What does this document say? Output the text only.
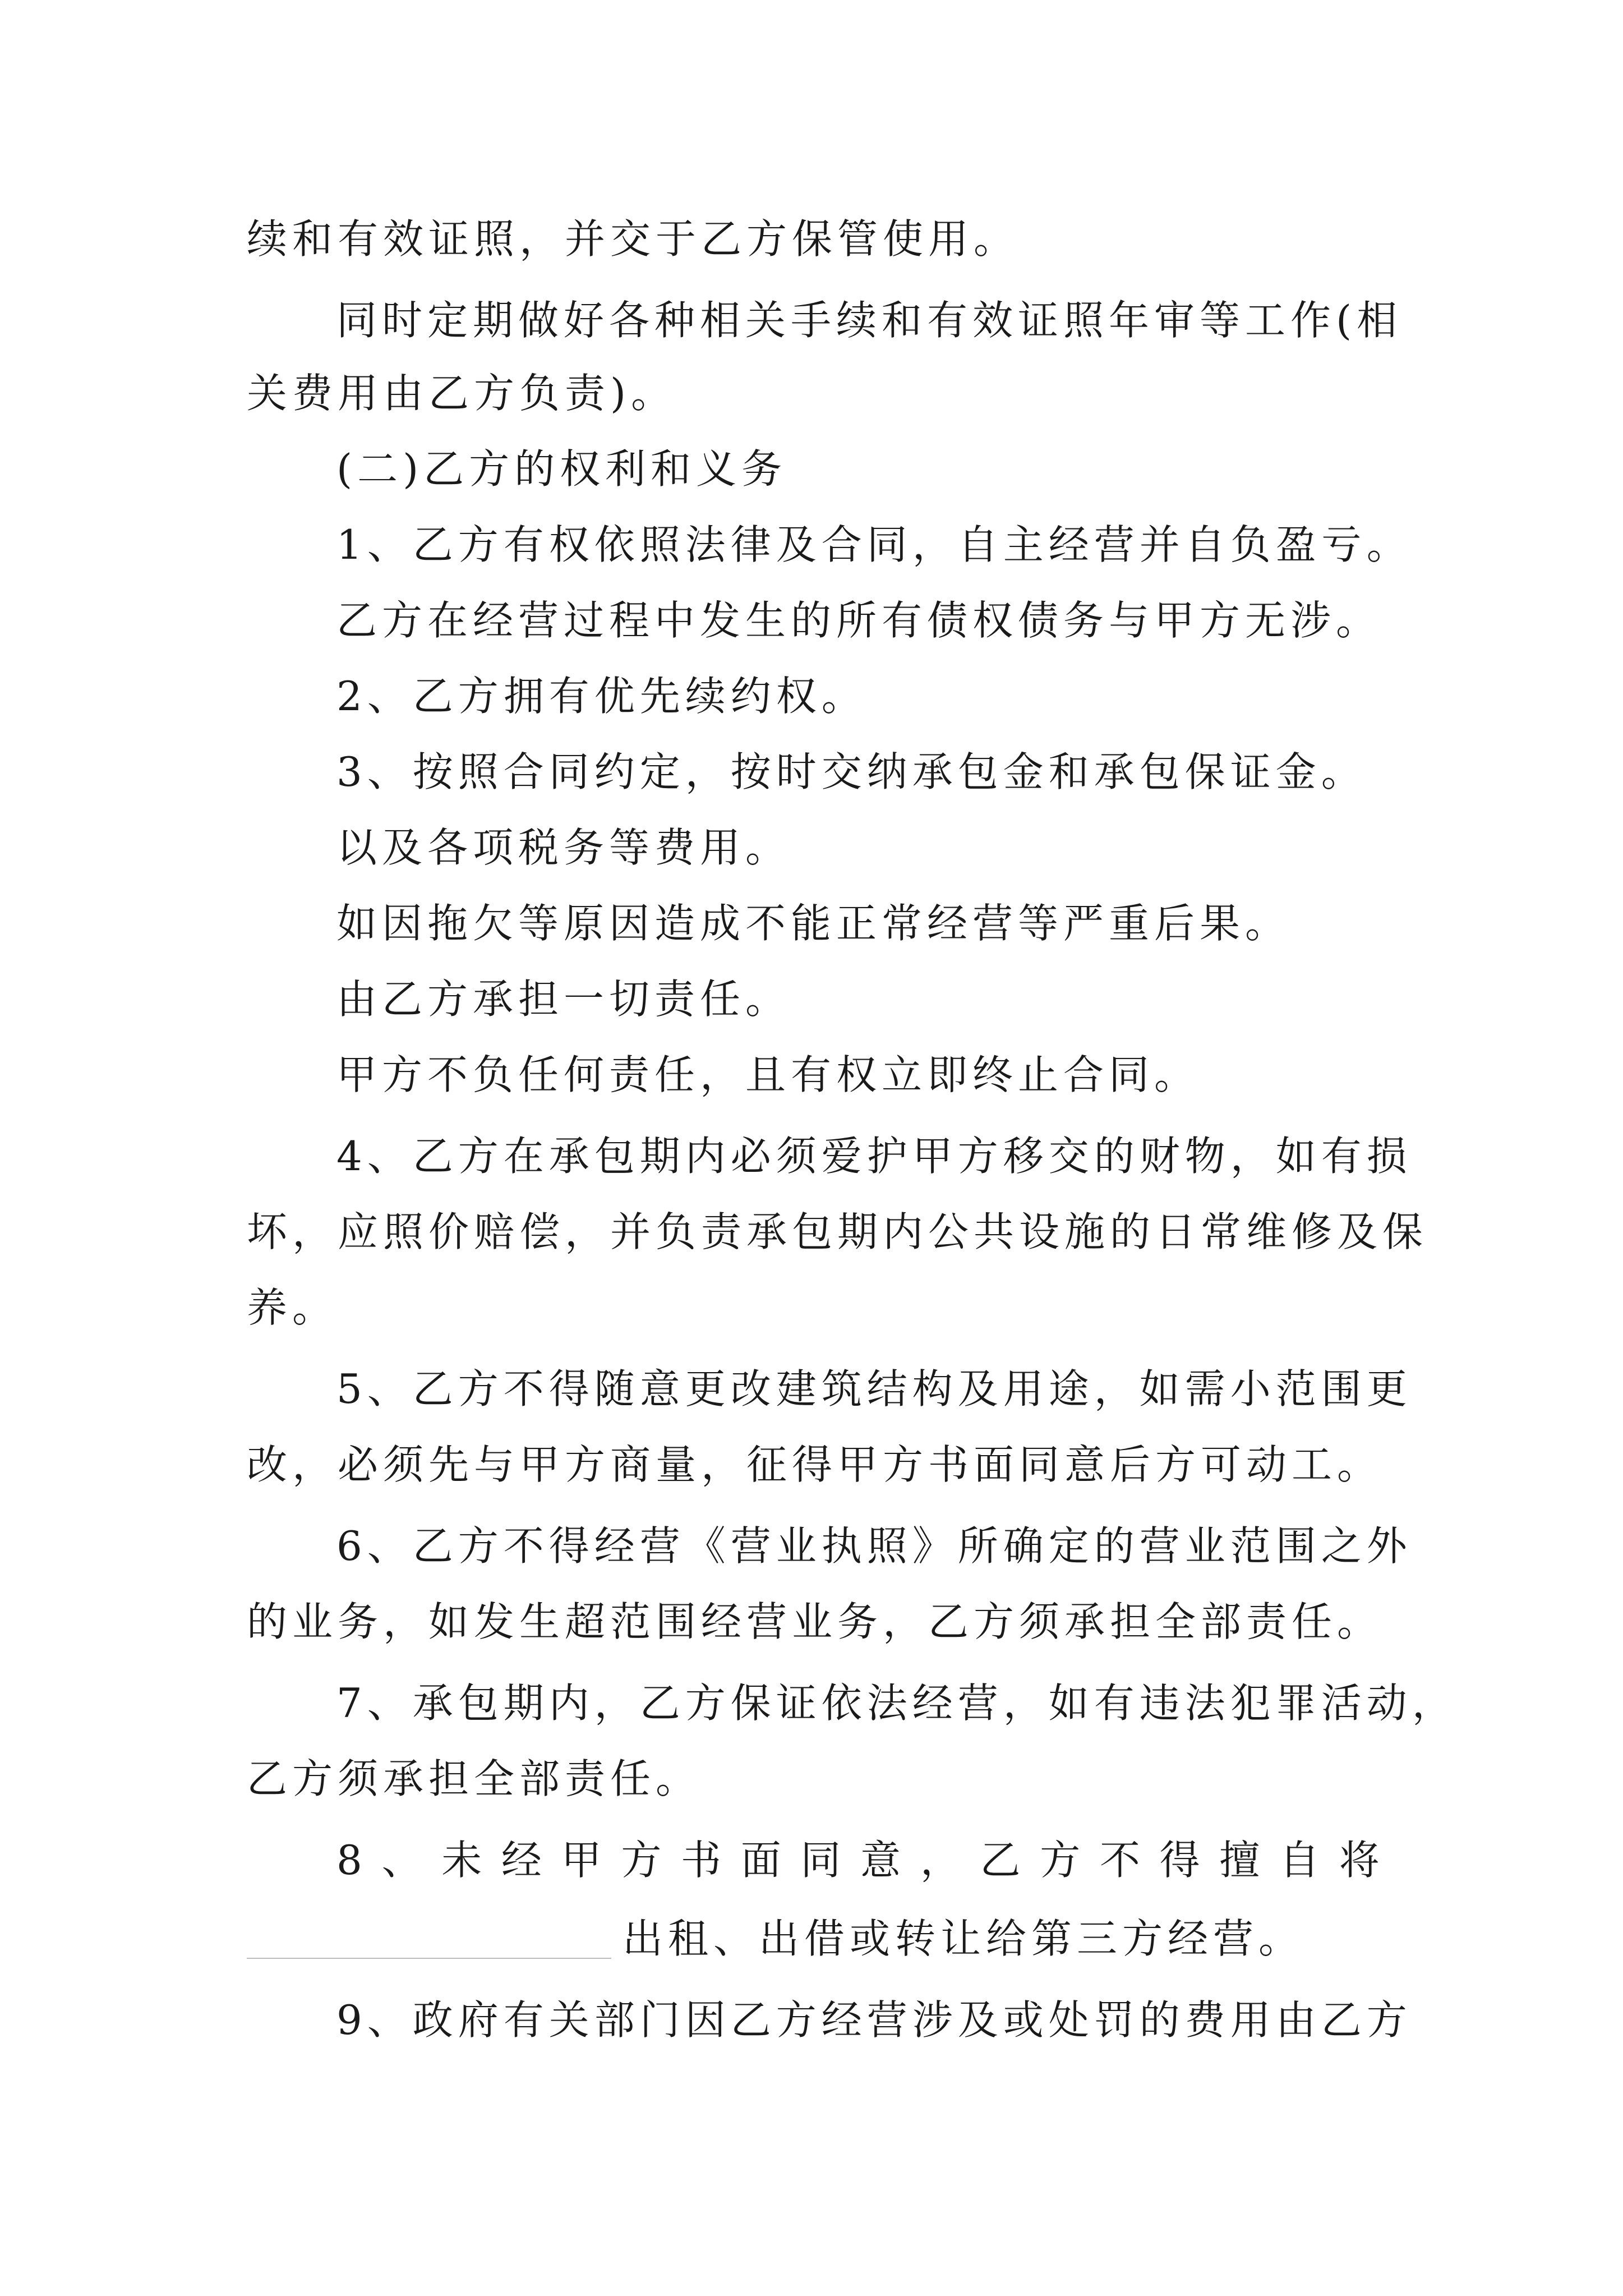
续和有效证照，并交于乙方保管使用。
同时定期做好各种相关手续和有效证照年审等工作(相
关费用由乙方负责)。
(二)乙方的权利和义务
1、乙方有权依照法律及合同，自主经营并自负盈亏。
乙方在经营过程中发生的所有债权债务与甲方无涉。
2、乙方拥有优先续约权。
3、按照合同约定，按时交纳承包金和承包保证金。
以及各项税务等费用。
如因拖欠等原因造成不能正常经营等严重后果。
由乙方承担一切责任。
甲方不负任何责任，且有权立即终止合同。
4、乙方在承包期内必须爱护甲方移交的财物，如有损
坏，应照价赔偿，并负责承包期内公共设施的日常维修及保
养。
5、乙方不得随意更改建筑结构及用途，如需小范围更
改，必须先与甲方商量，征得甲方书面同意后方可动工。
6、乙方不得经营《营业执照》所确定的营业范围之外
的业务，如发生超范围经营业务，乙方须承担全部责任。
7、承包期内，乙方保证依法经营，如有违法犯罪活动，
乙方须承担全部责任。
8 、 未 经 甲 方 书 面 同 意 ， 乙 方 不 得 擅 自 将
出租、出借或转让给第三方经营。
9、政府有关部门因乙方经营涉及或处罚的费用由乙方
